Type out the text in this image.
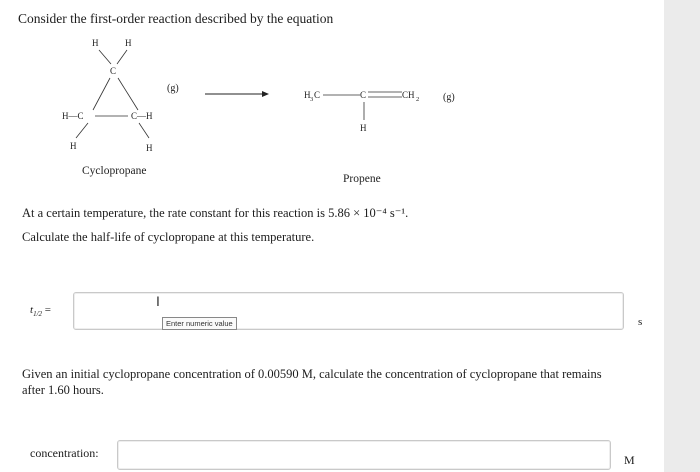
Consider the first-order reaction described by the equation
H	H
C
H—C	C—H
H	H
(g)
H 3 C	C	CH 2
H
(g)
Cyclopropane
Propene
At a certain temperature, the rate constant for this reaction is 5.86 × 10⁻⁴ s⁻¹.
Calculate the half-life of cyclopropane at this temperature.
$t_{1/2}$ =
I
Enter numeric value	s
Given an initial cyclopropane concentration of 0.00590 M, calculate the concentration of cyclopropane that remains after 1.60 hours.
concentration:	M
